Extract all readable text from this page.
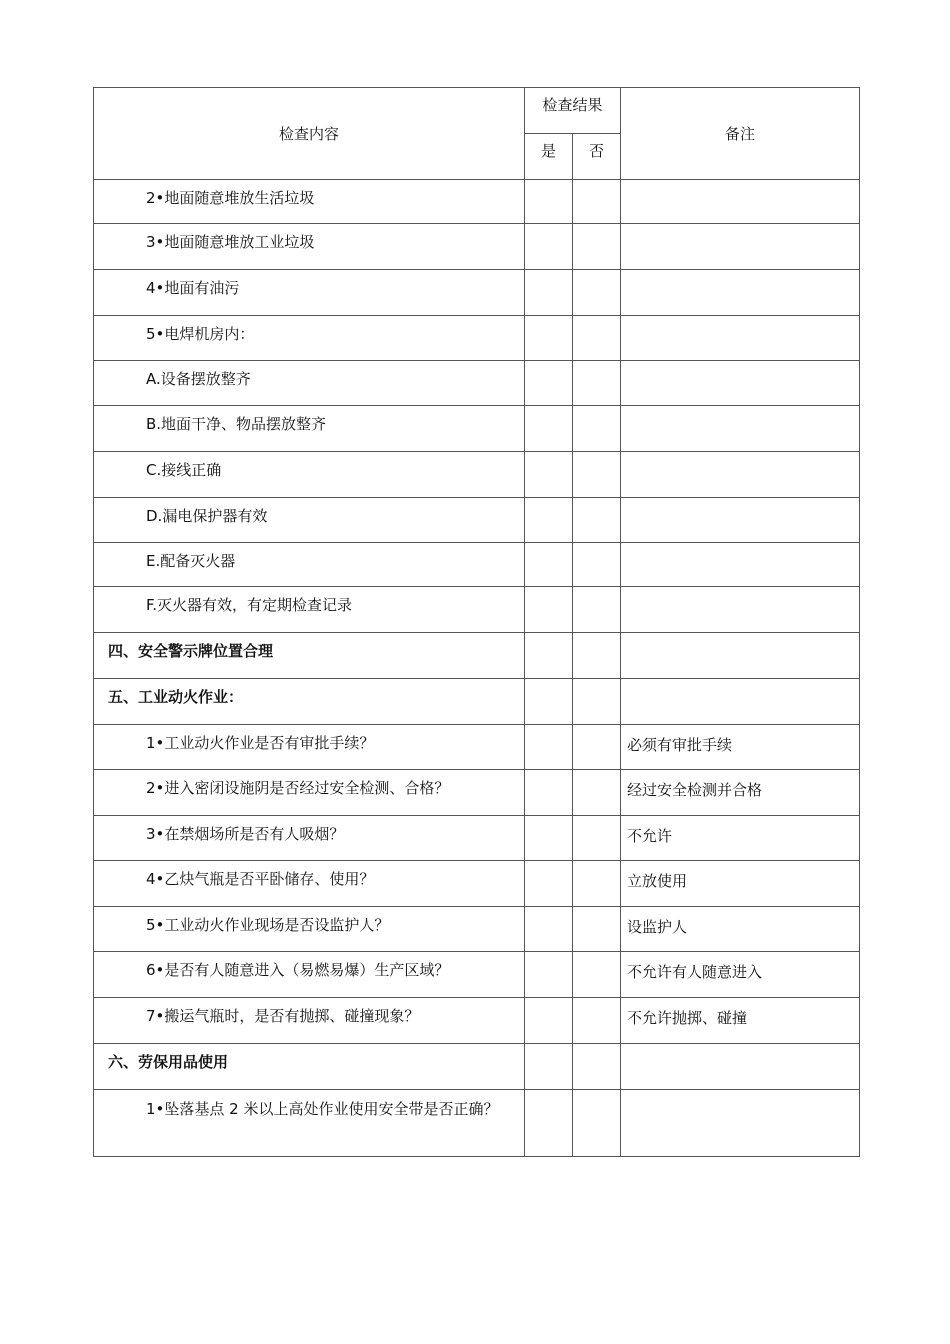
检查内容	检查结果		备注
	是	否	
2•地面随意堆放生活垃圾			
3•地面随意堆放工业垃圾			
4•地面有油污			
5•电焊机房内：			
A.设备摆放整齐			
B.地面干净、物品摆放整齐			
C.接线正确			
D.漏电保护器有效			
E.配备灭火器			
F.灭火器有效，有定期检查记录			
四、安全警示牌位置合理			
五、工业动火作业：			
1•工业动火作业是否有审批手续？			必须有审批手续
2•进入密闭设施阴是否经过安全检测、合格？			经过安全检测并合格
3•在禁烟场所是否有人吸烟？			不允许
4•乙炔气瓶是否平卧储存、使用？			立放使用
5•工业动火作业现场是否设监护人？			设监护人
6•是否有人随意进入（易燃易爆）生产区域？			不允许有人随意进入
7•搬运气瓶时，是否有抛掷、碰撞现象？			不允许抛掷、碰撞
六、劳保用品使用			
1•坠落基点 2 米以上高处作业使用安全带是否正确？			
